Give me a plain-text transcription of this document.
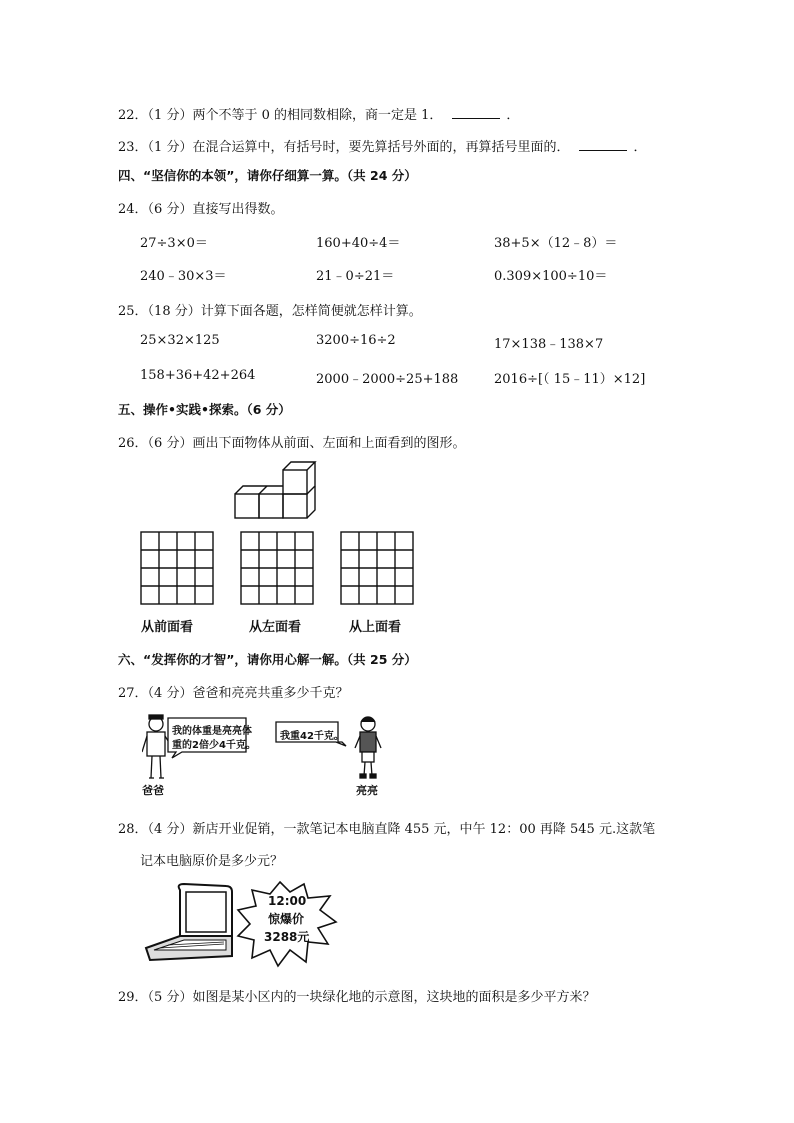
22．（1 分）两个不等于 0 的相同数相除，商一定是 1．	．
23．（1 分）在混合运算中，有括号时，要先算括号外面的，再算括号里面的．	．
四、“坚信你的本领”，请你仔细算一算。（共 24 分）
24．（6 分）直接写出得数。
27÷3×0＝	160+40÷4＝	38+5×（12﹣8）＝
240﹣30×3＝	21﹣0÷21＝	0.309×100÷10＝
25．（18 分）计算下面各题，怎样简便就怎样计算。
25×32×125	3200÷16÷2	17×138﹣138×7
158+36+42+264	2000﹣2000÷25+188	2016÷[（ 15﹣11）×12]
五、操作•实践•探索。（6 分）
26．（6 分）画出下面物体从前面、左面和上面看到的图形。
从前面看	从左面看	从上面看
六、“发挥你的才智”，请你用心解一解。（共 25 分）
27．（4 分）爸爸和亮亮共重多少千克？
我的体重是亮亮体
重的2倍少4千克。
我重42千克。
爸爸	亮亮
28．（4 分）新店开业促销，一款笔记本电脑直降 455 元，中午 12：00 再降 545 元.这款笔
记本电脑原价是多少元？
12:00
惊爆价
3288元
29．（5 分）如图是某小区内的一块绿化地的示意图，这块地的面积是多少平方米？
